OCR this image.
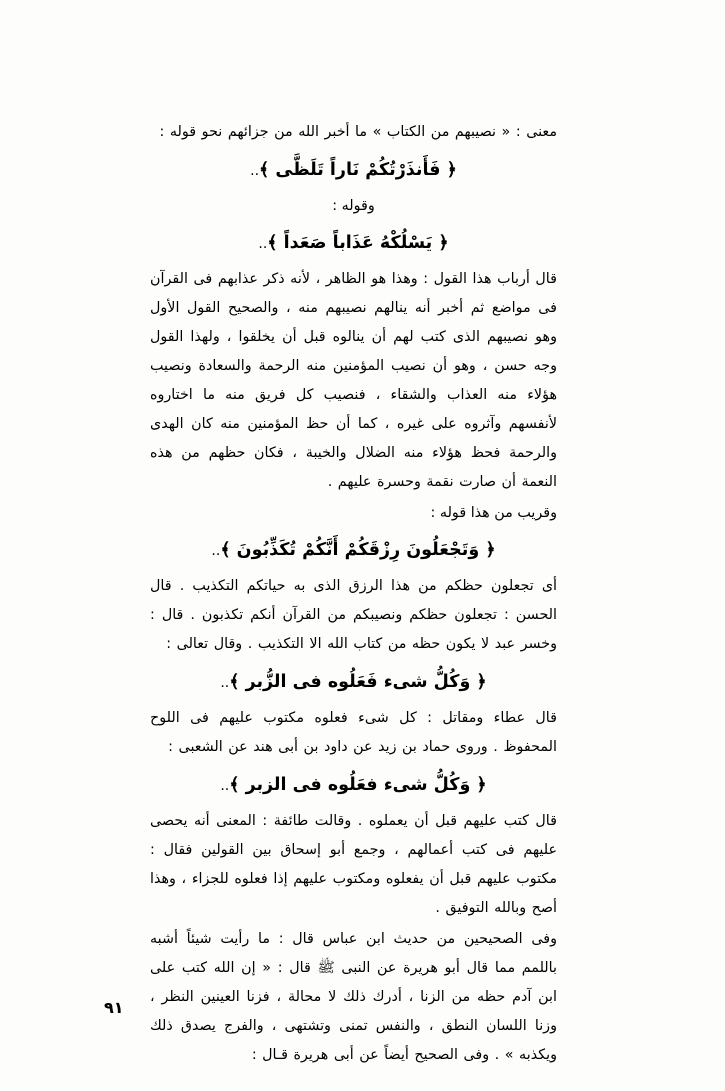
معنى : « نصيبهم من الكتاب » ما أخبر الله من جزائهم نحو قوله :

﴿ فَأَنذَرْتُكُمْ نَاراً تَلَظَّى ﴾..

وقوله :

﴿ يَسْلُكْهُ عَذَاباً صَعَداً ﴾..

قال أرباب هذا القول : وهذا هو الظاهر ، لأنه ذكر عذابهم فى القرآن فى مواضع ثم أخبر أنه ينالهم نصيبهم منه ، والصحيح القول الأول وهو نصيبهم الذى كتب لهم أن ينالوه قبل أن يخلقوا ، ولهذا القول وجه حسن ، وهو أن نصيب المؤمنين منه الرحمة والسعادة ونصيب هؤلاء منه العذاب والشقاء ، فنصيب كل فريق منه ما اختاروه لأنفسهم وآثروه على غيره ، كما أن حظ المؤمنين منه كان الهدى والرحمة فحظ هؤلاء منه الضلال والخيبة ، فكان حظهم من هذه النعمة أن صارت نقمة وحسرة عليهم .

وقريب من هذا قوله :

﴿ وَتَجْعَلُونَ رِزْقَكُمْ أَنَّكُمْ تُكَذِّبُونَ ﴾..

أى تجعلون حظكم من هذا الرزق الذى به حياتكم التكذيب . قال الحسن : تجعلون حظكم ونصيبكم من القرآن أنكم تكذبون . قال : وخسر عبد لا يكون حظه من كتاب الله الا التكذيب . وقال تعالى :

﴿ وَكُلُّ شىء فَعَلُوه فى الزُّبر ﴾..

قال عطاء ومقاتل : كل شىء فعلوه مكتوب عليهم فى اللوح المحفوظ . وروى حماد بن زيد عن داود بن أبى هند عن الشعبى :

﴿ وَكُلُّ شىء فعَلُوه فى الزبر ﴾..

قال كتب عليهم قبل أن يعملوه . وقالت طائفة : المعنى أنه يحصى عليهم فى كتب أعمالهم ، وجمع أبو إسحاق بين القولين فقال : مكتوب عليهم قبل أن يفعلوه ومكتوب عليهم إذا فعلوه للجزاء ، وهذا أصح وبالله التوفيق .

وفى الصحيحين من حديث ابن عباس قال : ما رأيت شيئاً أشبه باللمم مما قال أبو هريرة عن النبى ﷺ قال : « إن الله كتب على ابن آدم حظه من الزنا ، أدرك ذلك لا محالة ، فزنا العينين النظر ، وزنا اللسان النطق ، والنفس تمنى وتشتهى ، والفرج يصدق ذلك ويكذبه » . وفى الصحيح أيضاً عن أبى هريرة قـال :

٩١
